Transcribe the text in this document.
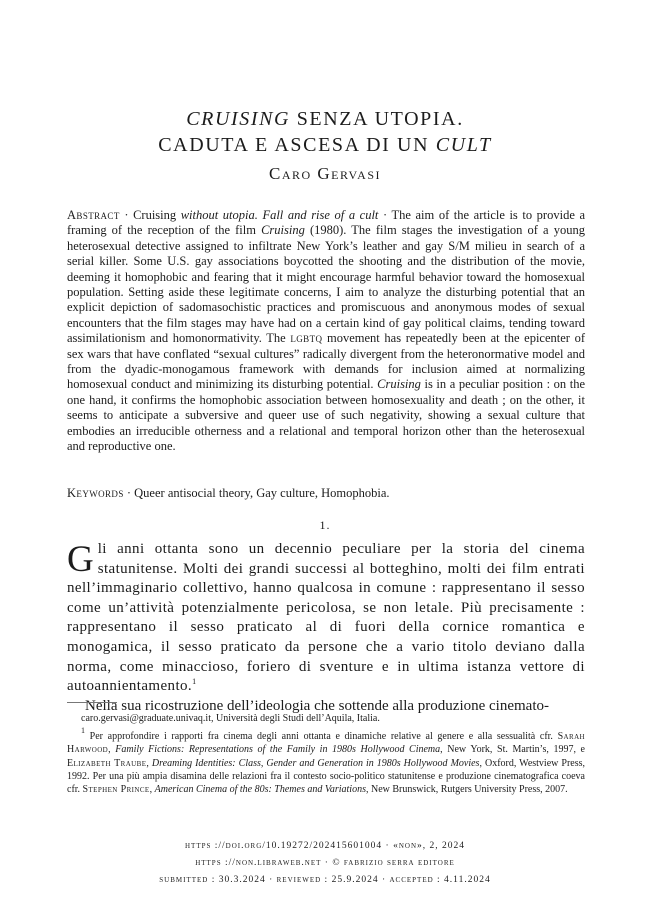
CRUISING SENZA UTOPIA.
CADUTA E ASCESA DI UN CULT
Caro Gervasi
Abstract · Cruising without utopia. Fall and rise of a cult · The aim of the article is to provide a framing of the reception of the film Cruising (1980). The film stages the investigation of a young heterosexual detective assigned to infiltrate New York’s leather and gay S/M milieu in search of a serial killer. Some U.S. gay associations boycotted the shooting and the distribution of the movie, deeming it homophobic and fearing that it might encourage harmful behavior toward the homosexual population. Setting aside these legitimate concerns, I aim to analyze the disturbing potential that an explicit depiction of sadomasochistic practices and promiscuous and anonymous modes of sexual encounters that the film stages may have had on a certain kind of gay political claims, tending toward assimilationism and homonormativity. The lgbtq movement has repeatedly been at the epicenter of sex wars that have conflated “sexual cultures” radically divergent from the heteronormative model and from the dyadic-monogamous framework with demands for inclusion aimed at normalizing homosexual conduct and minimizing its disturbing potential. Cruising is in a peculiar position : on the one hand, it confirms the homophobic association between homosexuality and death ; on the other, it seems to anticipate a subversive and queer use of such negativity, showing a sexual culture that embodies an irreducible otherness and a relational and temporal horizon other than the heterosexual and reproductive one.
Keywords · Queer antisocial theory, Gay culture, Homophobia.
1.

Gli anni ottanta sono un decennio peculiare per la storia del cinema statunitense. Molti dei grandi successi al botteghino, molti dei film entrati nell’immaginario collettivo, hanno qualcosa in comune : rappresentano il sesso come un’attività potenzialmente pericolosa, se non letale. Più precisamente : rappresentano il sesso praticato al di fuori della cornice romantica e monogamica, il sesso praticato da persone che a vario titolo deviano dalla norma, come minaccioso, foriero di sventure e in ultima istanza vettore di autoannientamento.$^1$

Nella sua ricostruzione dell’ideologia che sottende alla produzione cinemato-

caro.gervasi@graduate.univaq.it, Università degli Studi dell’Aquila, Italia.

$^1$ Per approfondire i rapporti fra cinema degli anni ottanta e dinamiche relative al genere e alla sessualità cfr. Sarah Harwood, Family Fictions: Representations of the Family in 1980s Hollywood Cinema, New York, St. Martin’s, 1997, e Elizabeth Traube, Dreaming Identities: Class, Gender and Generation in 1980s Hollywood Movies, Oxford, Westview Press, 1992. Per una più ampia disamina delle relazioni fra il contesto socio-politico statunitense e produzione cinematografica coeva cfr. Stephen Prince, American Cinema of the 80s: Themes and Variations, New Brunswick, Rutgers University Press, 2007.

https ://doi.org/10.19272/202415601004 · «non», 2, 2024
https ://non.libraweb.net · © fabrizio serra editore
submitted : 30.3.2024 · reviewed : 25.9.2024 · accepted : 4.11.2024
